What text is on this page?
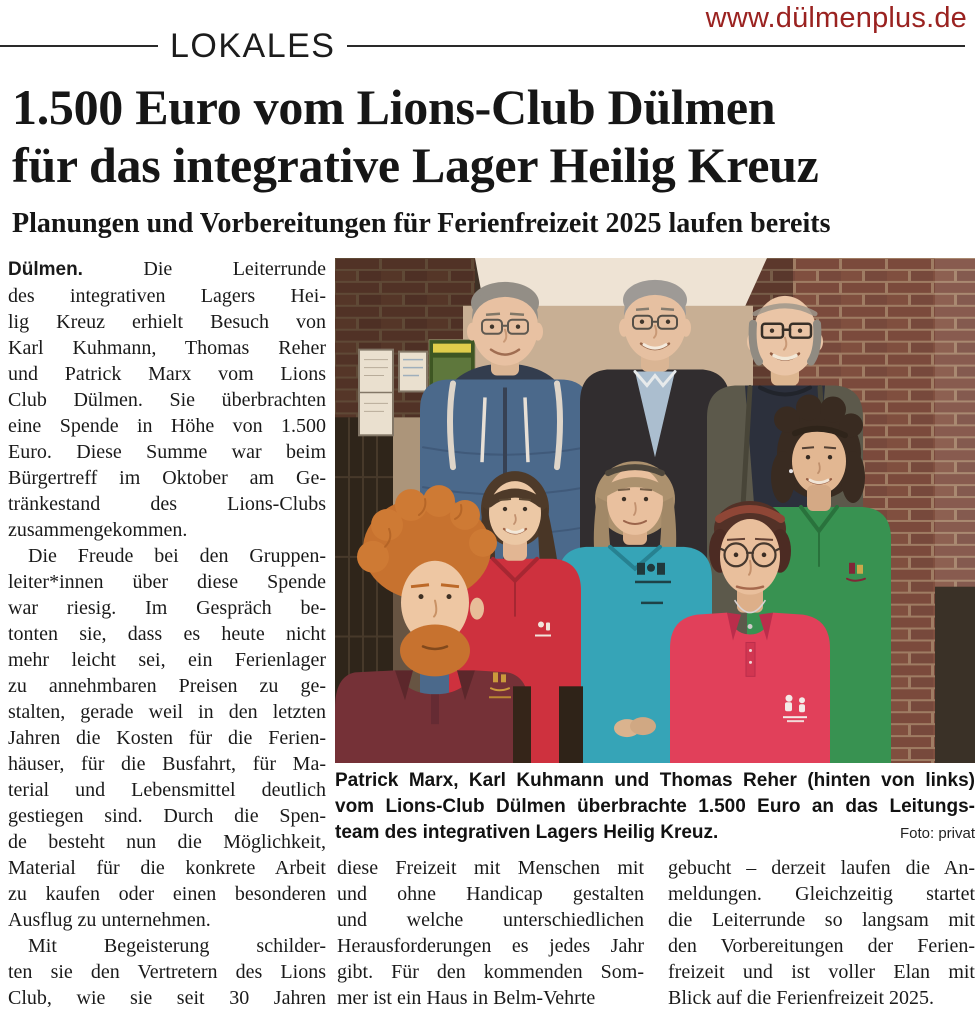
www.dülmenplus.de
LOKALES
1.500 Euro vom Lions-Club Dülmen
für das integrative Lager Heilig Kreuz
Planungen und Vorbereitungen für Ferienfreizeit 2025 laufen bereits
Dülmen.	Die Leiterrunde
des integrativen Lagers Hei-
lig Kreuz erhielt Besuch von
Karl Kuhmann, Thomas Reher
und Patrick Marx vom Lions
Club Dülmen. Sie überbrachten
eine Spende in Höhe von 1.500
Euro. Diese Summe war beim
Bürgertreff im Oktober am Ge-
tränkestand des Lions-Clubs
zusammengekommen.
Die Freude bei den Gruppen-
leiter*innen über diese Spende
war riesig. Im Gespräch be-
tonten sie, dass es heute nicht
mehr leicht sei, ein Ferienlager
zu annehmbaren Preisen zu ge-
stalten, gerade weil in den letzten
Jahren die Kosten für die Ferien-
häuser, für die Busfahrt, für Ma-
terial und Lebensmittel deutlich
gestiegen sind. Durch die Spen-
de besteht nun die Möglichkeit,
Material für die konkrete Arbeit
zu kaufen oder einen besonderen
Ausflug zu unternehmen.
Mit Begeisterung schilder-
ten sie den Vertretern des Lions
Club, wie sie seit 30 Jahren
Patrick Marx, Karl Kuhmann und Thomas Reher (hinten von links)
vom Lions-Club Dülmen überbrachte 1.500 Euro an das Leitungs-
team des integrativen Lagers Heilig Kreuz.	Foto: privat
diese Freizeit mit Menschen mit
und ohne Handicap gestalten
und welche unterschiedlichen
Herausforderungen es jedes Jahr
gibt. Für den kommenden Som-
mer ist ein Haus in Belm-Vehrte
gebucht – derzeit laufen die An-
meldungen. Gleichzeitig startet
die Leiterrunde so langsam mit
den Vorbereitungen der Ferien-
freizeit und ist voller Elan mit
Blick auf die Ferienfreizeit 2025.
